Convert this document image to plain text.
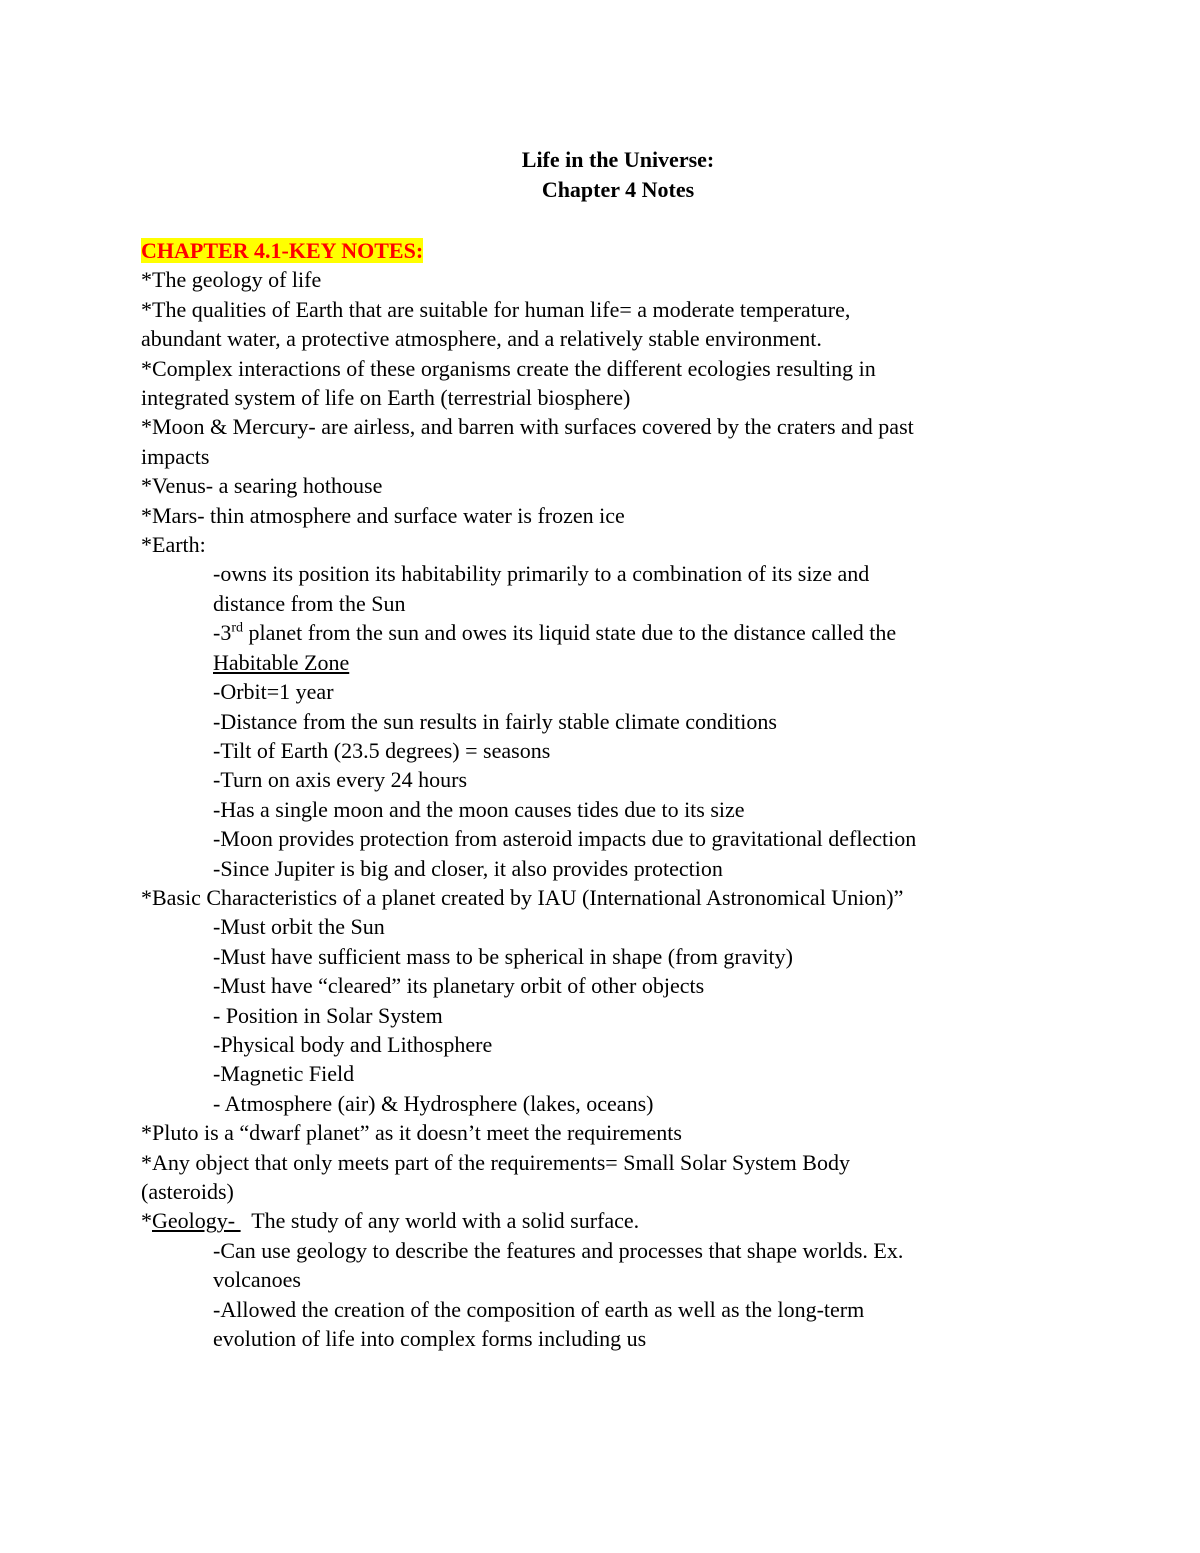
Life in the Universe:
Chapter 4 Notes
CHAPTER 4.1-KEY NOTES:
*The geology of life
*The qualities of Earth that are suitable for human life= a moderate temperature,
abundant water, a protective atmosphere, and a relatively stable environment.
*Complex interactions of these organisms create the different ecologies resulting in
integrated system of life on Earth (terrestrial biosphere)
*Moon & Mercury- are airless, and barren with surfaces covered by the craters and past
impacts
*Venus- a searing hothouse
*Mars- thin atmosphere and surface water is frozen ice
*Earth:
-owns its position its habitability primarily to a combination of its size and
distance from the Sun
-3rd planet from the sun and owes its liquid state due to the distance called the
Habitable Zone
-Orbit=1 year
-Distance from the sun results in fairly stable climate conditions
-Tilt of Earth (23.5 degrees) = seasons
-Turn on axis every 24 hours
-Has a single moon and the moon causes tides due to its size
-Moon provides protection from asteroid impacts due to gravitational deflection
-Since Jupiter is big and closer, it also provides protection
*Basic Characteristics of a planet created by IAU (International Astronomical Union)”
-Must orbit the Sun
-Must have sufficient mass to be spherical in shape (from gravity)
-Must have “cleared” its planetary orbit of other objects
- Position in Solar System
-Physical body and Lithosphere
-Magnetic Field
- Atmosphere (air) & Hydrosphere (lakes, oceans)
*Pluto is a “dwarf planet” as it doesn’t meet the requirements
*Any object that only meets part of the requirements= Small Solar System Body
(asteroids)
*Geology-   The study of any world with a solid surface.
-Can use geology to describe the features and processes that shape worlds. Ex.
volcanoes
-Allowed the creation of the composition of earth as well as the long-term
evolution of life into complex forms including us
